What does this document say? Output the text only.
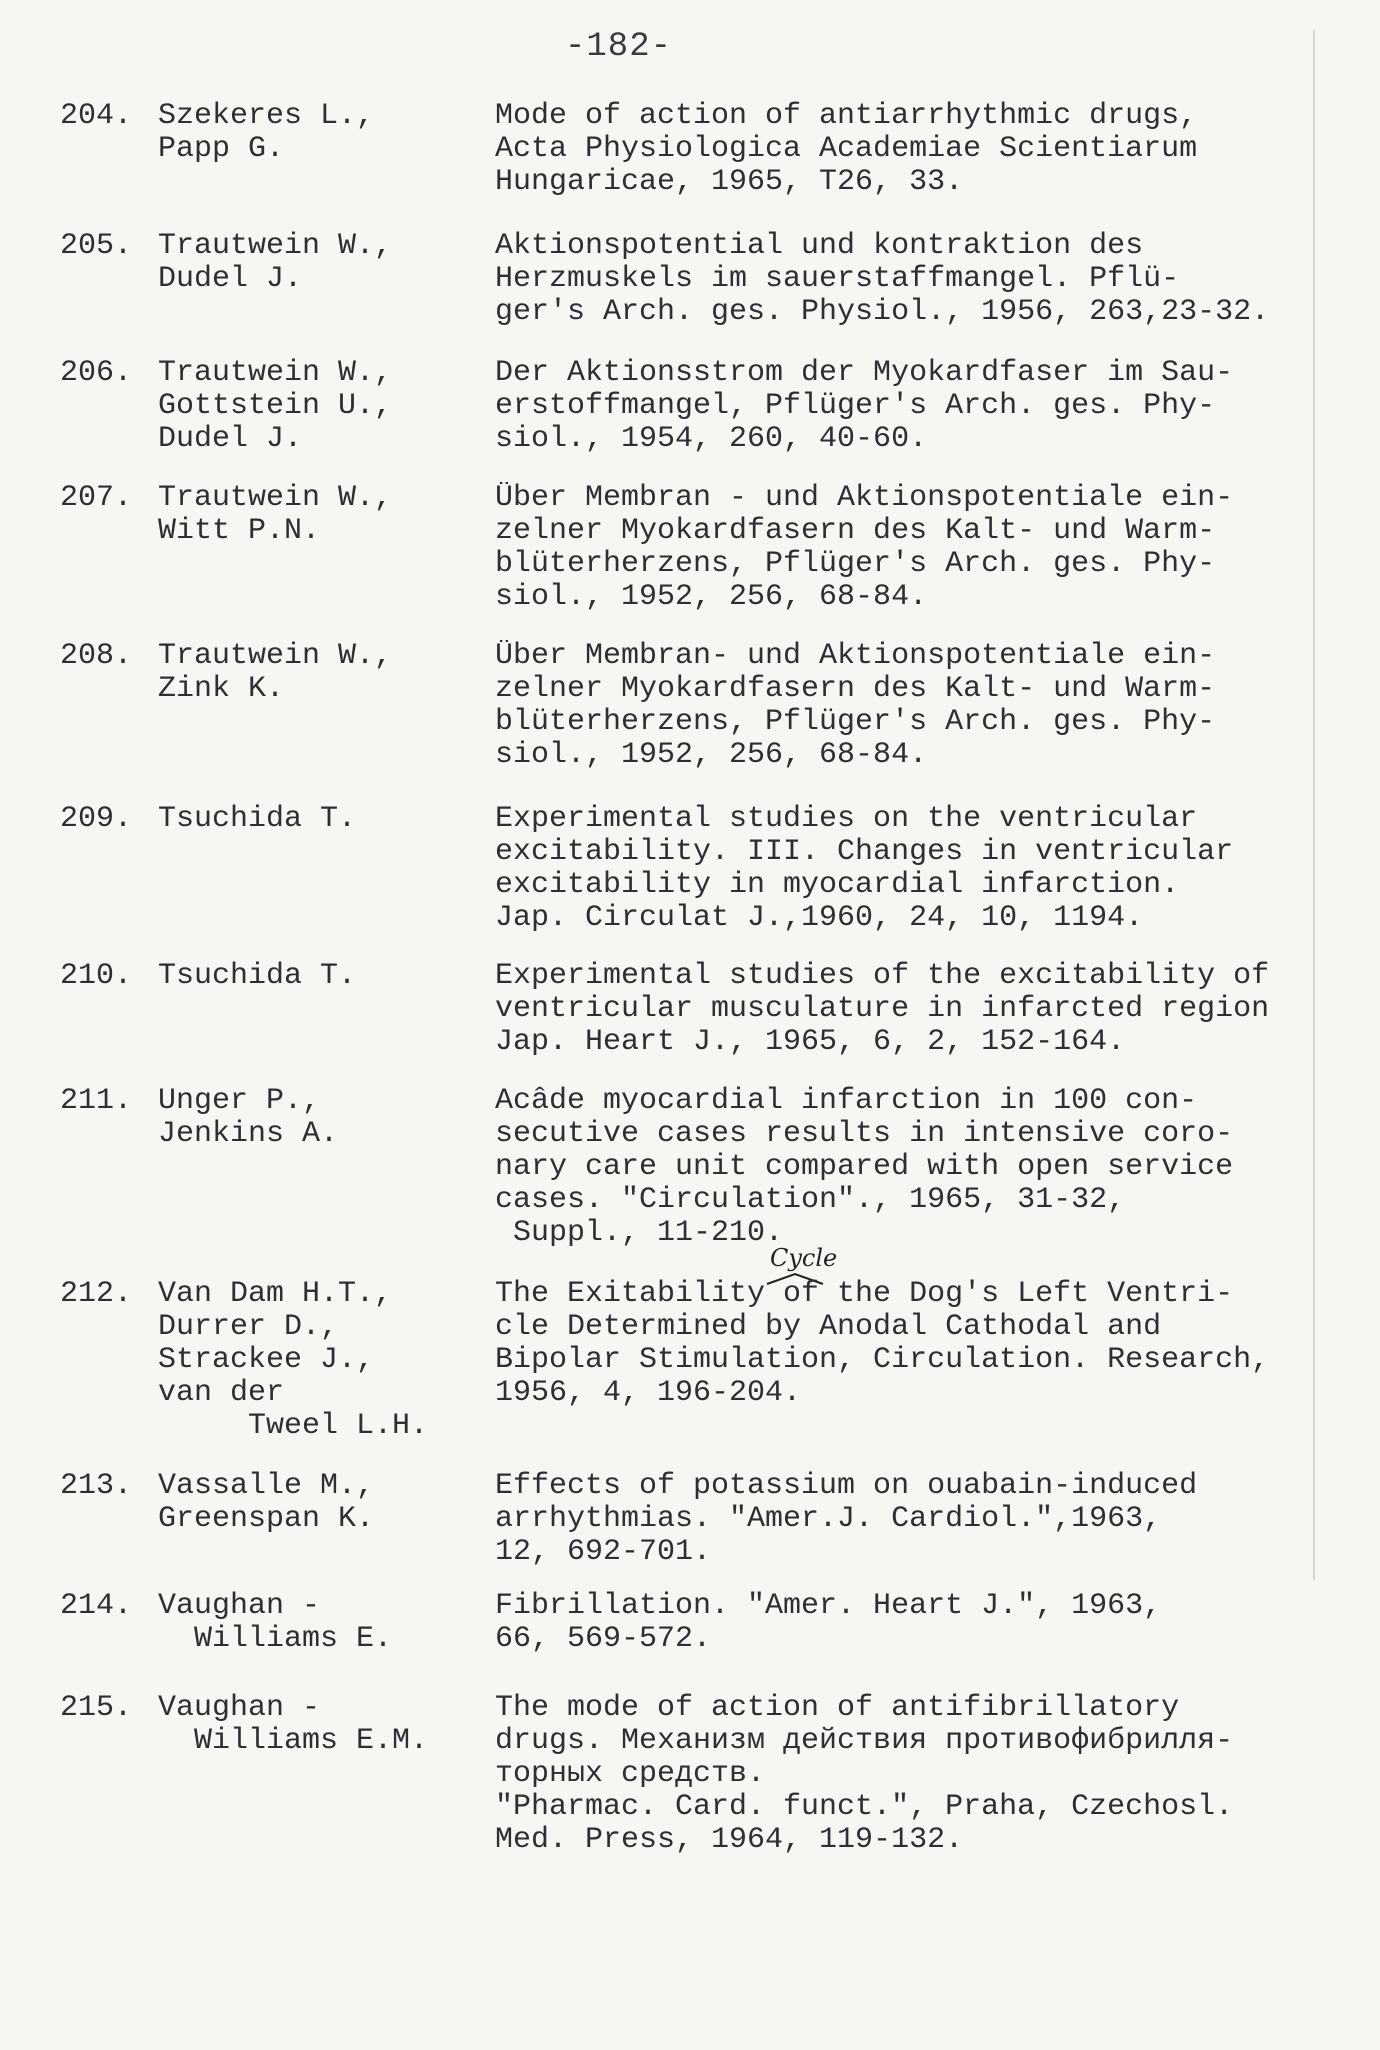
-182-
Cycle
204. Szekeres L.,
Papp G.
Mode of action of antiarrhythmic drugs,
Acta Physiologica Academiae Scientiarum
Hungaricae, 1965, T26, 33.
205. Trautwein W.,
Dudel J.
Aktionspotential und kontraktion des
Herzmuskels im sauerstaffmangel. Pflü-
ger's Arch. ges. Physiol., 1956, 263,23-32.
206. Trautwein W.,
Gottstein U.,
Dudel J.
Der Aktionsstrom der Myokardfaser im Sau-
erstoffmangel, Pflüger's Arch. ges. Phy-
siol., 1954, 260, 40-60.
207. Trautwein W.,
Witt P.N.
Über Membran - und Aktionspotentiale ein-
zelner Myokardfasern des Kalt- und Warm-
blüterherzens, Pflüger's Arch. ges. Phy-
siol., 1952, 256, 68-84.
208. Trautwein W.,
Zink K.
Über Membran- und Aktionspotentiale ein-
zelner Myokardfasern des Kalt- und Warm-
blüterherzens, Pflüger's Arch. ges. Phy-
siol., 1952, 256, 68-84.
209. Tsuchida T.	Experimental studies on the ventricular
excitability. III. Changes in ventricular
excitability in myocardial infarction.
Jap. Circulat J.,1960, 24, 10, 1194.
210. Tsuchida T.	Experimental studies of the excitability of
ventricular musculature in infarcted region
Jap. Heart J., 1965, 6, 2, 152-164.
211. Unger P.,
Jenkins A.
Acâde myocardial infarction in 100 con-
secutive cases results in intensive coro-
nary care unit compared with open service
cases. "Circulation"., 1965, 31-32,
Suppl., 11-210.
212. Van Dam H.T.,
Durrer D.,
Strackee J.,
van der
Tweel L.H.
The Exitability of the Dog's Left Ventri-
cle Determined by Anodal Cathodal and
Bipolar Stimulation, Circulation. Research,
1956, 4, 196-204.
213. Vassalle M.,
Greenspan K.
Effects of potassium on ouabain-induced
arrhythmias. "Amer.J. Cardiol.",1963,
12, 692-701.
214. Vaughan -
Williams E.
Fibrillation. "Amer. Heart J.", 1963,
66, 569-572.
215. Vaughan -
Williams E.M.
The mode of action of antifibrillatory
drugs. Механизм действия противофибрилля-
торных средств.
"Pharmac. Card. funct.", Praha, Czechosl.
Med. Press, 1964, 119-132.
